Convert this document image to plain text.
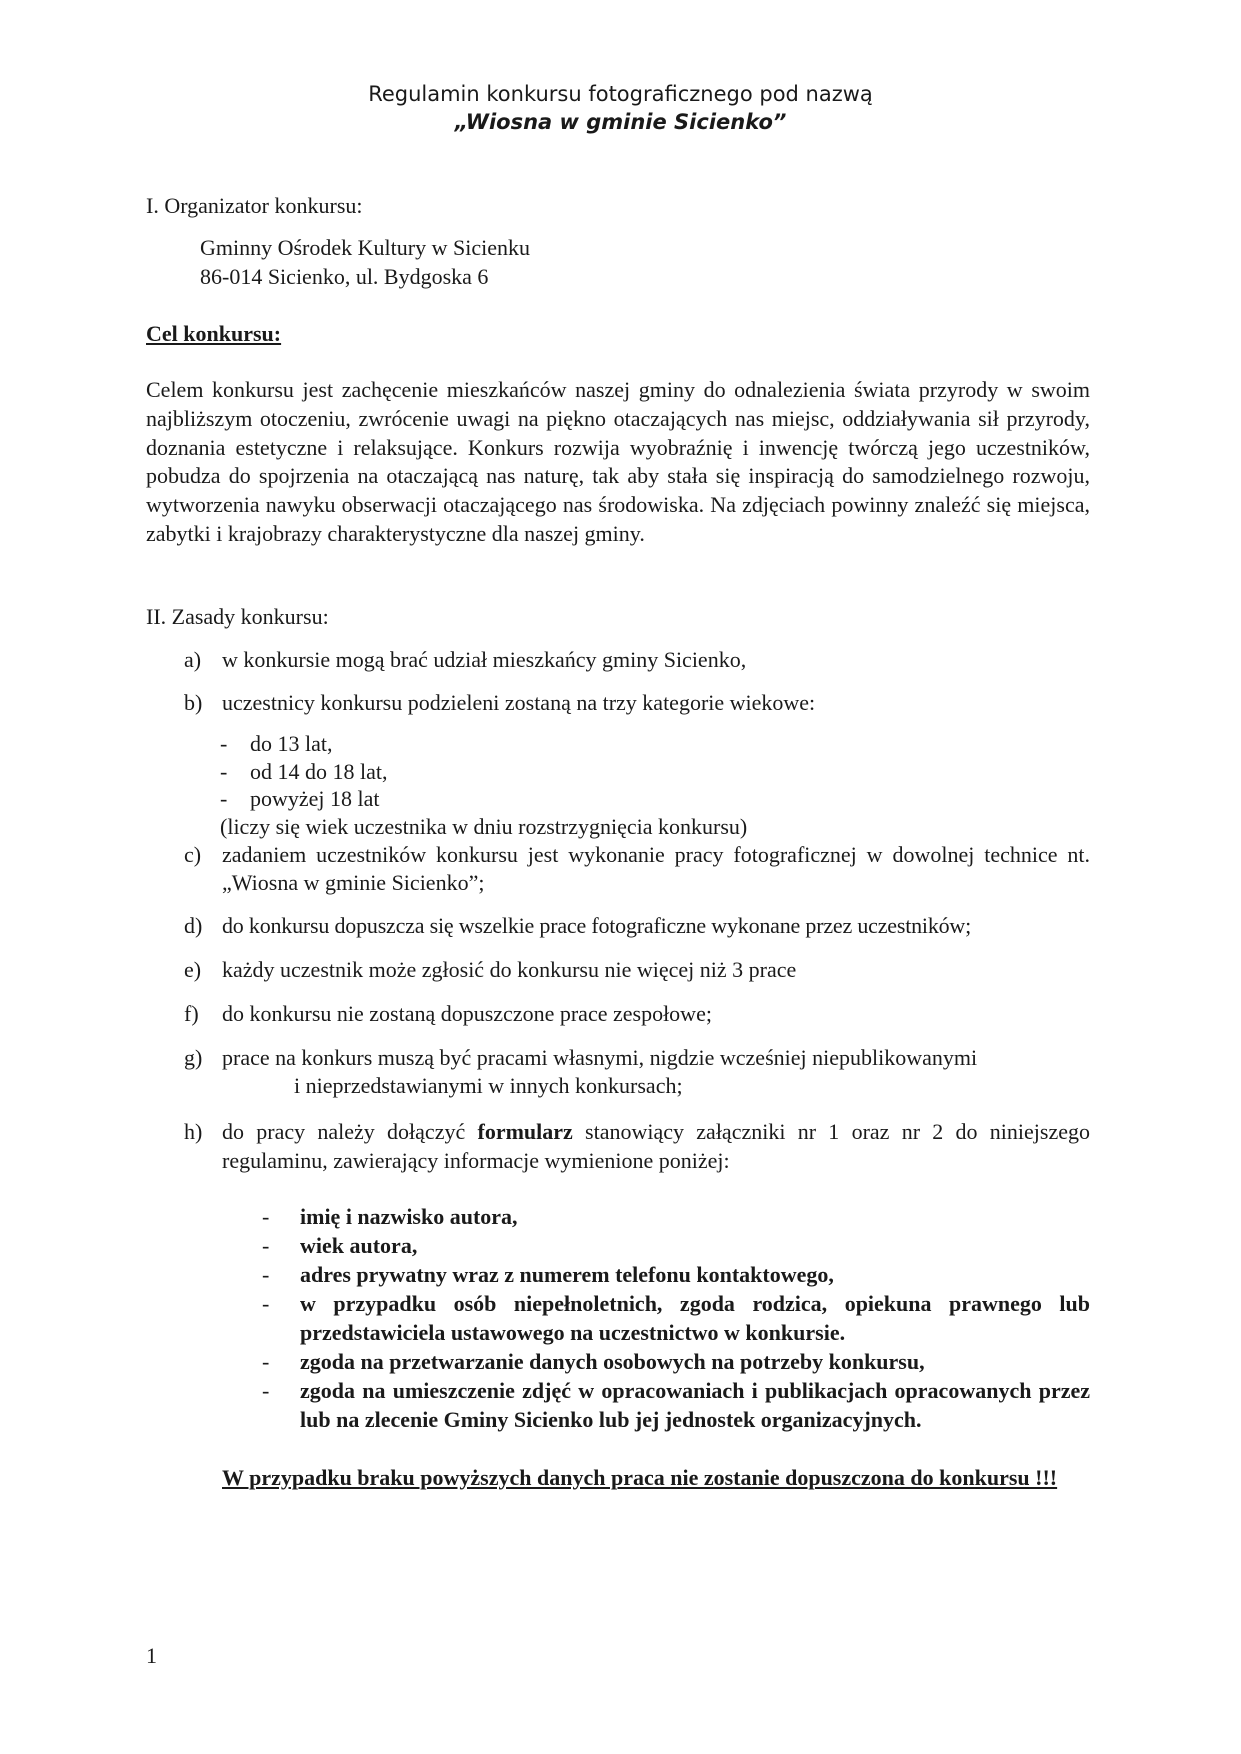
Regulamin konkursu fotograficznego pod nazwą
„Wiosna w gminie Sicienko”
I. Organizator konkursu:
Gminny Ośrodek Kultury w Sicienku
86-014 Sicienko, ul. Bydgoska 6
Cel konkursu:
Celem konkursu jest zachęcenie mieszkańców naszej gminy do odnalezienia świata przyrody w swoim najbliższym otoczeniu, zwrócenie uwagi na piękno otaczających nas miejsc, oddziaływania sił przyrody, doznania estetyczne i relaksujące. Konkurs rozwija wyobraźnię i inwencję twórczą jego uczestników, pobudza do spojrzenia na otaczającą nas naturę, tak aby stała się inspiracją do samodzielnego rozwoju, wytworzenia nawyku obserwacji otaczającego nas środowiska. Na zdjęciach powinny znaleźć się miejsca, zabytki i krajobrazy charakterystyczne dla naszej gminy.
II. Zasady konkursu:
a) w konkursie mogą brać udział mieszkańcy gminy Sicienko,
b) uczestnicy konkursu podzieleni zostaną na trzy kategorie wiekowe:
- do 13 lat,
- od 14 do 18 lat,
- powyżej 18 lat
(liczy się wiek uczestnika w dniu rozstrzygnięcia konkursu)
c) zadaniem uczestników konkursu jest wykonanie pracy fotograficznej w dowolnej technice nt. „Wiosna w gminie Sicienko”;
d) do konkursu dopuszcza się wszelkie prace fotograficzne wykonane przez uczestników;
e) każdy uczestnik może zgłosić do konkursu nie więcej niż 3 prace
f) do konkursu nie zostaną dopuszczone prace zespołowe;
g) prace na konkurs muszą być pracami własnymi, nigdzie wcześniej niepublikowanymi
i nieprzedstawianymi w innych konkursach;
h) do pracy należy dołączyć formularz stanowiący załączniki nr 1 oraz nr 2 do niniejszego regulaminu, zawierający informacje wymienione poniżej:
- imię i nazwisko autora,
- wiek autora,
- adres prywatny wraz z numerem telefonu kontaktowego,
- w przypadku osób niepełnoletnich, zgoda rodzica, opiekuna prawnego lub przedstawiciela ustawowego na uczestnictwo w konkursie.
- zgoda na przetwarzanie danych osobowych na potrzeby konkursu,
- zgoda na umieszczenie zdjęć w opracowaniach i publikacjach opracowanych przez lub na zlecenie Gminy Sicienko lub jej jednostek organizacyjnych.
W przypadku braku powyższych danych praca nie zostanie dopuszczona do konkursu !!!
1
